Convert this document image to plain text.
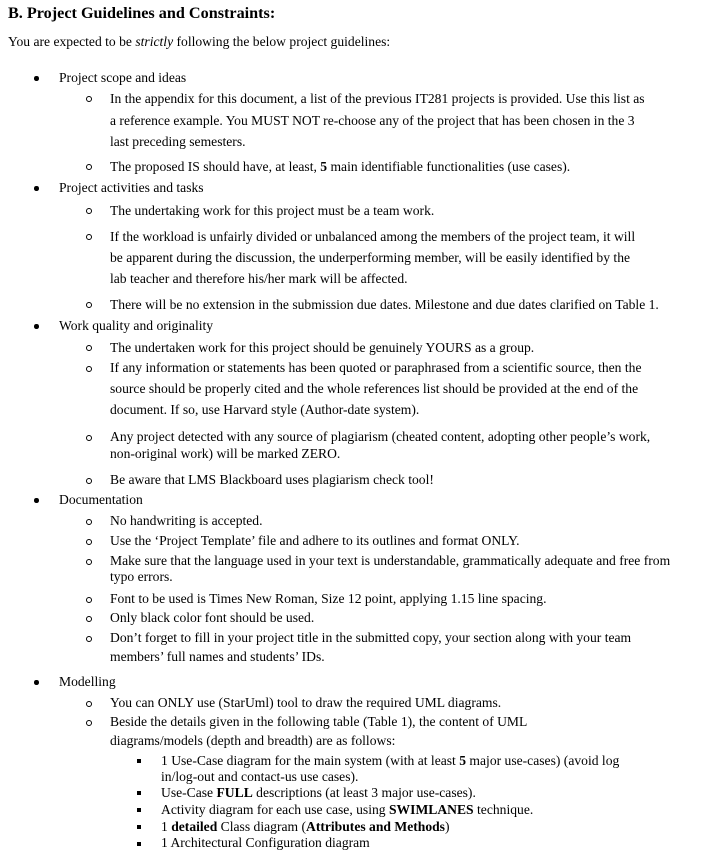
B. Project Guidelines and Constraints:
You are expected to be strictly following the below project guidelines:
Project scope and ideas
In the appendix for this document, a list of the previous IT281 projects is provided. Use this list as
a reference example. You MUST NOT re-choose any of the project that has been chosen in the 3
last preceding semesters.
The proposed IS should have, at least, 5 main identifiable functionalities (use cases).
Project activities and tasks
The undertaking work for this project must be a team work.
If the workload is unfairly divided or unbalanced among the members of the project team, it will
be apparent during the discussion, the underperforming member, will be easily identified by the
lab teacher and therefore his/her mark will be affected.
There will be no extension in the submission due dates. Milestone and due dates clarified on Table 1.
Work quality and originality
The undertaken work for this project should be genuinely YOURS as a group.
If any information or statements has been quoted or paraphrased from a scientific source, then the
source should be properly cited and the whole references list should be provided at the end of the
document. If so, use Harvard style (Author-date system).
Any project detected with any source of plagiarism (cheated content, adopting other people’s work,
non-original work) will be marked ZERO.
Be aware that LMS Blackboard uses plagiarism check tool!
Documentation
No handwriting is accepted.
Use the ‘Project Template’ file and adhere to its outlines and format ONLY.
Make sure that the language used in your text is understandable, grammatically adequate and free from
typo errors.
Font to be used is Times New Roman, Size 12 point, applying 1.15 line spacing.
Only black color font should be used.
Don’t forget to fill in your project title in the submitted copy, your section along with your team
members’ full names and students’ IDs.
Modelling
You can ONLY use (StarUml) tool to draw the required UML diagrams.
Beside the details given in the following table (Table 1), the content of UML
diagrams/models (depth and breadth) are as follows:
1 Use-Case diagram for the main system (with at least 5 major use-cases) (avoid log
in/log-out and contact-us use cases).
Use-Case FULL descriptions (at least 3 major use-cases).
Activity diagram for each use case, using SWIMLANES technique.
1 detailed Class diagram (Attributes and Methods)
1 Architectural Configuration diagram
